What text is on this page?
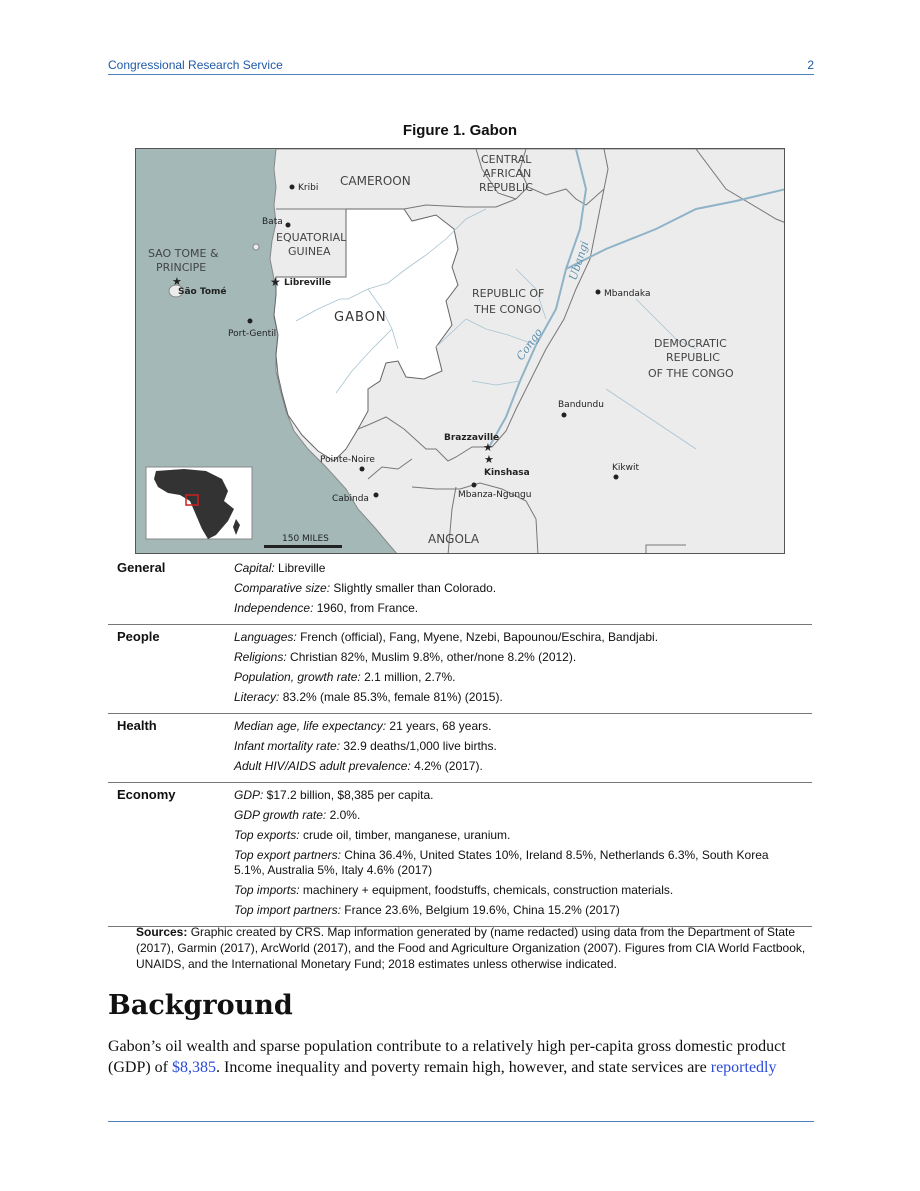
Congressional Research Service	2
Figure 1. Gabon
CAMEROON
CENTRAL
AFRICAN
REPUBLIC
EQUATORIAL
GUINEA
SAO TOME &
PRINCIPE
GABON
REPUBLIC OF
THE CONGO
DEMOCRATIC
REPUBLIC
OF THE CONGO
ANGOLA
Ubangi
Congo
Kribi
Bata
★
São Tomé
★ Libreville
Port-Gentil
Mbandaka
Bandundu
Brazzaville
★
★
Kinshasa	Kikwit
Pointe-Noire
Cabinda	Mbanza-Ngungu
150 MILES
General	Capital: Libreville
Comparative size: Slightly smaller than Colorado.
Independence: 1960, from France.
People	Languages: French (official), Fang, Myene, Nzebi, Bapounou/Eschira, Bandjabi.
Religions: Christian 82%, Muslim 9.8%, other/none 8.2% (2012).
Population, growth rate: 2.1 million, 2.7%.
Literacy: 83.2% (male 85.3%, female 81%) (2015).
Health	Median age, life expectancy: 21 years, 68 years.
Infant mortality rate: 32.9 deaths/1,000 live births.
Adult HIV/AIDS adult prevalence: 4.2% (2017).
Economy	GDP: $17.2 billion, $8,385 per capita.
GDP growth rate: 2.0%.
Top exports: crude oil, timber, manganese, uranium.
Top export partners: China 36.4%, United States 10%, Ireland 8.5%, Netherlands 6.3%, South Korea 5.1%, Australia 5%, Italy 4.6% (2017)
Top imports: machinery + equipment, foodstuffs, chemicals, construction materials.
Top import partners: France 23.6%, Belgium 19.6%, China 15.2% (2017)
Sources: Graphic created by CRS. Map information generated by (name redacted) using data from the Department of State (2017), Garmin (2017), ArcWorld (2017), and the Food and Agriculture Organization (2007). Figures from CIA World Factbook, UNAIDS, and the International Monetary Fund; 2018 estimates unless otherwise indicated.
Background
Gabon’s oil wealth and sparse population contribute to a relatively high per-capita gross domestic product (GDP) of $8,385. Income inequality and poverty remain high, however, and state services are reportedly
